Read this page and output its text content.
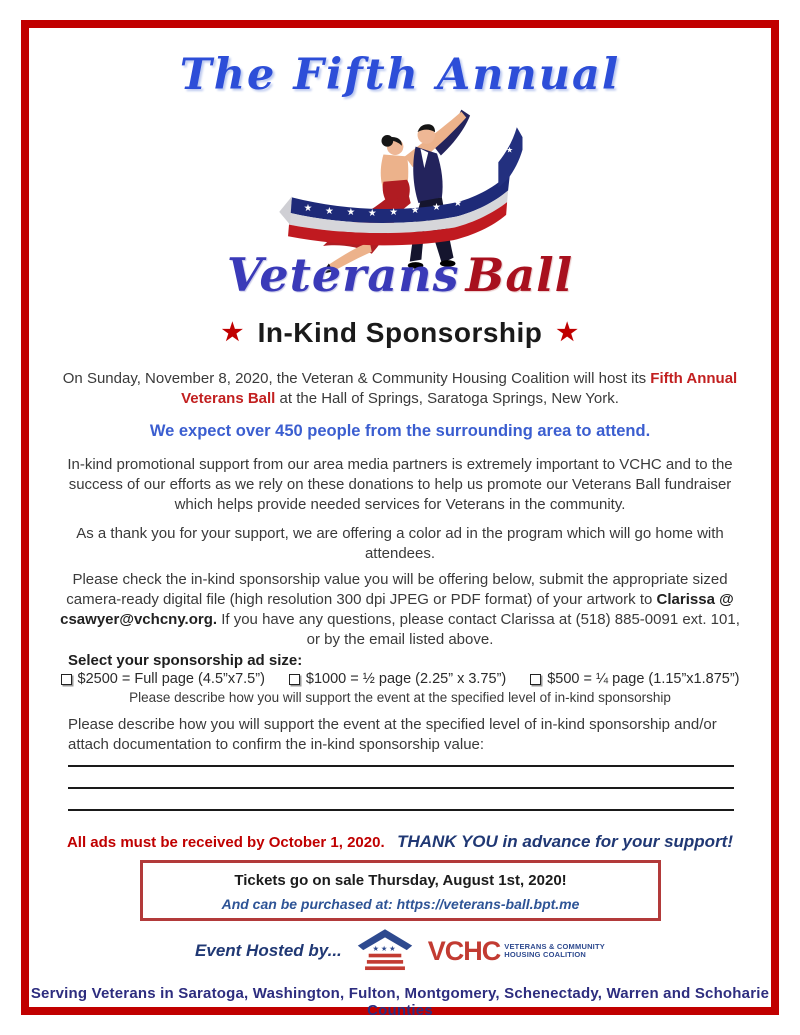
The Fifth Annual
★ ★ ★ ★ ★ ★ ★ ★
★
Veterans Ball
★ In-Kind Sponsorship ★

On Sunday, November 8, 2020, the Veteran & Community Housing Coalition will host its Fifth Annual Veterans Ball at the Hall of Springs, Saratoga Springs, New York.

We expect over 450 people from the surrounding area to attend.

In-kind promotional support from our area media partners is extremely important to VCHC and to the success of our efforts as we rely on these donations to help us promote our Veterans Ball fundraiser which helps provide needed services for Veterans in the community.

As a thank you for your support, we are offering a color ad in the program which will go home with attendees.

Please check the in-kind sponsorship value you will be offering below, submit the appropriate sized camera-ready digital file (high resolution 300 dpi JPEG or PDF format) of your artwork to Clarissa @ csawyer@vchcny.org. If you have any questions, please contact Clarissa at (518) 885-0091 ext. 101, or by the email listed above.

Select your sponsorship ad size:
$2500 = Full page (4.5”x7.5”)	$1000 = ½ page (2.25” x 3.75”)	$500 = ¼ page (1.15”x1.875”)
Please describe how you will support the event at the specified level of in-kind sponsorship

Please describe how you will support the event at the specified level of in-kind sponsorship and/or attach documentation to confirm the in-kind sponsorship value:

All ads must be received by October 1, 2020. THANK YOU in advance for your support!
Tickets go on sale Thursday, August 1st, 2020!
And can be purchased at: https://veterans-ball.bpt.me
Event Hosted by...	★★★ VCHC VETERANS & COMMUNITY
HOUSING COALITION
Serving Veterans in Saratoga, Washington, Fulton, Montgomery, Schenectady, Warren and Schoharie Counties
